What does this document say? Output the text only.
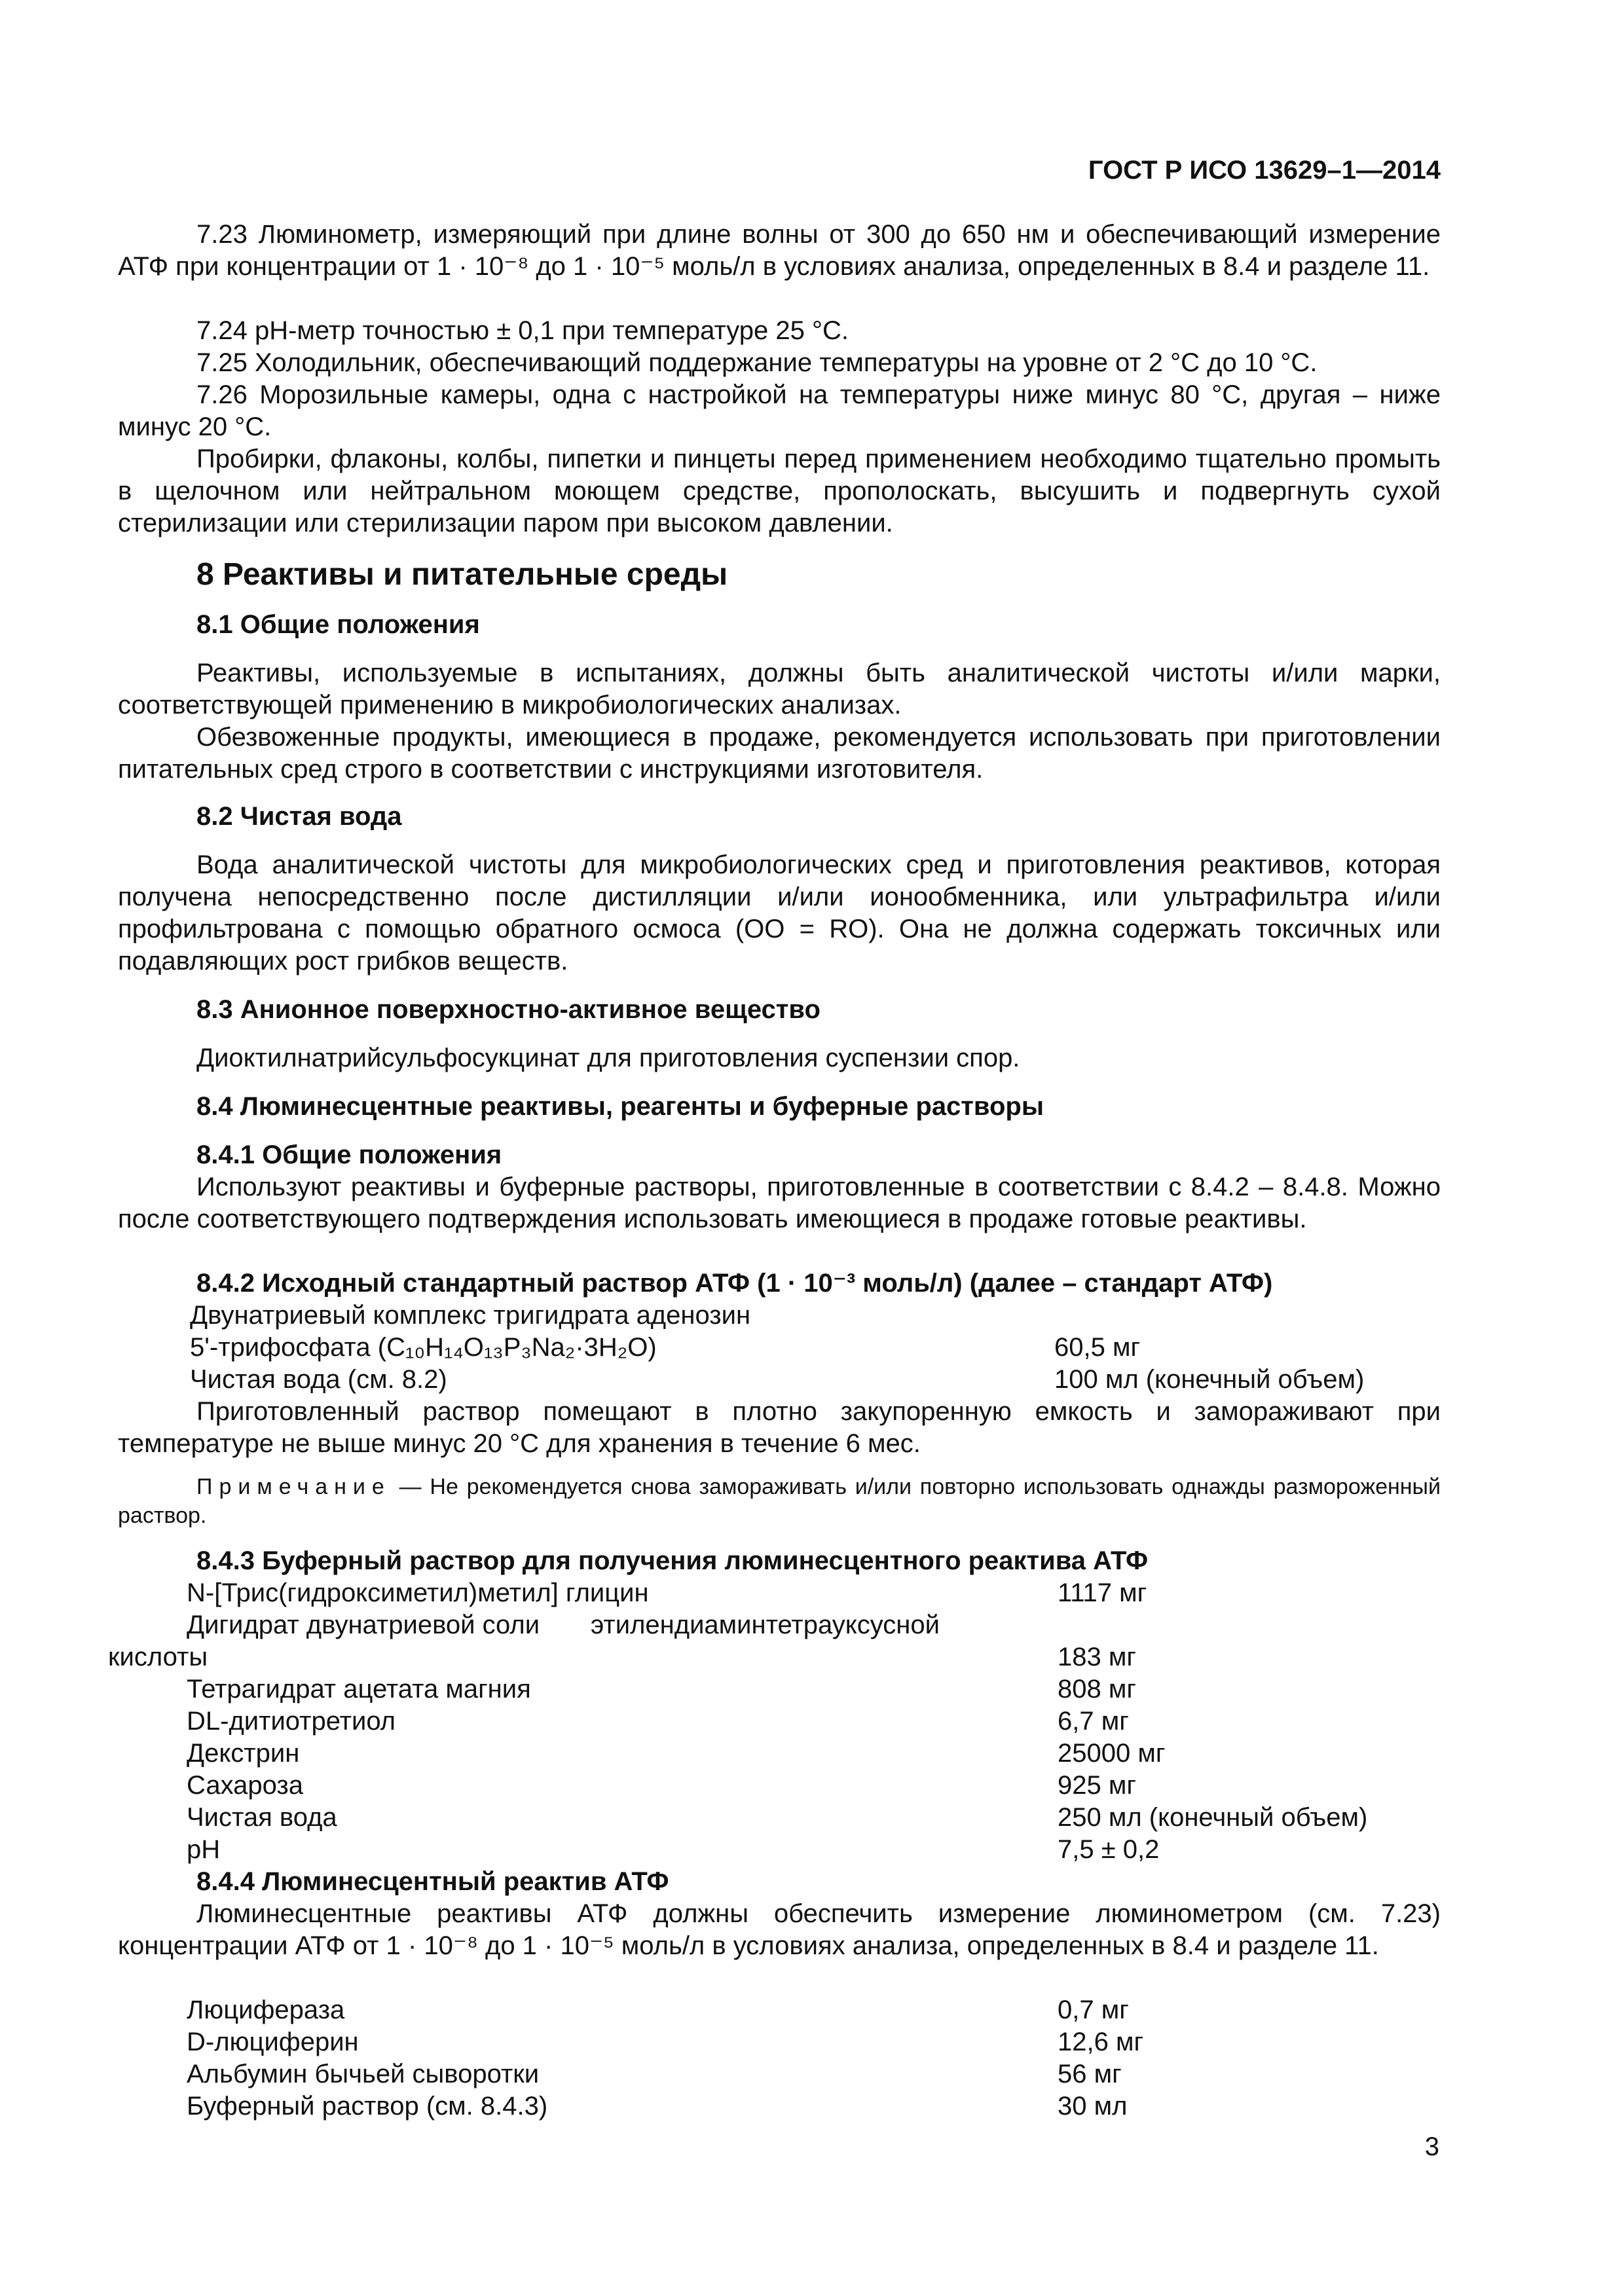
ГОСТ Р ИСО 13629–1—2014

7.23 Люминометр, измеряющий при длине волны от 300 до 650 нм и обеспечивающий измерение АТФ при концентрации от 1 · 10⁻⁸ до 1 · 10⁻⁵ моль/л в условиях анализа, определенных в 8.4 и разделе 11.

7.24 pH-метр точностью ± 0,1 при температуре 25 °С.
7.25 Холодильник, обеспечивающий поддержание температуры на уровне от 2 °С до 10 °С.
7.26 Морозильные камеры, одна с настройкой на температуры ниже минус 80 °С, другая – ниже минус 20 °С.
Пробирки, флаконы, колбы, пипетки и пинцеты перед применением необходимо тщательно промыть в щелочном или нейтральном моющем средстве, прополоскать, высушить и подвергнуть сухой стерилизации или стерилизации паром при высоком давлении.
8 Реактивы и питательные среды
8.1 Общие положения
Реактивы, используемые в испытаниях, должны быть аналитической чистоты и/или марки, соответствующей применению в микробиологических анализах.
Обезвоженные продукты, имеющиеся в продаже, рекомендуется использовать при приготовлении питательных сред строго в соответствии с инструкциями изготовителя.
8.2 Чистая вода
Вода аналитической чистоты для микробиологических сред и приготовления реактивов, которая получена непосредственно после дистилляции и/или ионообменника, или ультрафильтра и/или профильтрована с помощью обратного осмоса (ОО = RO). Она не должна содержать токсичных или подавляющих рост грибков веществ.
8.3 Анионное поверхностно-активное вещество
Диоктилнатрийсульфосукцинат для приготовления суспензии спор.
8.4 Люминесцентные реактивы, реагенты и буферные растворы
8.4.1 Общие положения
Используют реактивы и буферные растворы, приготовленные в соответствии с 8.4.2 – 8.4.8. Можно после соответствующего подтверждения использовать имеющиеся в продаже готовые реактивы.
8.4.2 Исходный стандартный раствор АТФ (1 · 10⁻³ моль/л) (далее – стандарт АТФ)
Двунатриевый комплекс тригидрата аденозин
5'-трифосфата (C₁₀H₁₄O₁₃P₃Na₂·3H₂O)	60,5 мг
Чистая вода (см. 8.2)	100 мл (конечный объем)
Приготовленный раствор помещают в плотно закупоренную емкость и замораживают при температуре не выше минус 20 °С для хранения в течение 6 мес.
Примечание — Не рекомендуется снова замораживать и/или повторно использовать однажды размороженный раствор.
8.4.3 Буферный раствор для получения люминесцентного реактива АТФ
N-[Трис(гидроксиметил)метил] глицин	1117 мг
Дигидрат двунатриевой соли       этилендиаминтетрауксусной
кислоты	183 мг
Тетрагидрат ацетата магния	808 мг
DL-дитиотретиол	6,7 мг
Декстрин	25000 мг
Сахароза	925 мг
Чистая вода	250 мл (конечный объем)
pH	7,5 ± 0,2
8.4.4 Люминесцентный реактив АТФ
Люминесцентные реактивы АТФ должны обеспечить измерение люминометром (см. 7.23) концентрации АТФ от 1 · 10⁻⁸ до 1 · 10⁻⁵ моль/л в условиях анализа, определенных в 8.4 и разделе 11.
Люцифераза	0,7 мг
D-люциферин	12,6 мг
Альбумин бычьей сыворотки	56 мг
Буферный раствор (см. 8.4.3)	30 мл
3
